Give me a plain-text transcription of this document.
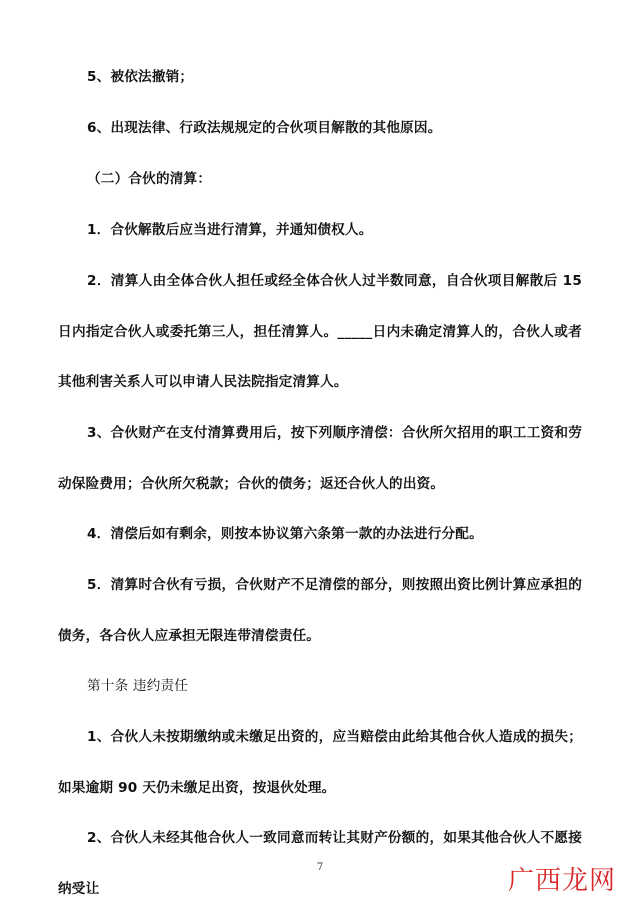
5、被依法撤销；

6、出现法律、行政法规规定的合伙项目解散的其他原因。

（二）合伙的清算：

1．合伙解散后应当进行清算，并通知债权人。

2．清算人由全体合伙人担任或经全体合伙人过半数同意，自合伙项目解散后 15 日内指定合伙人或委托第三人，担任清算人。_____日内未确定清算人的，合伙人或者其他利害关系人可以申请人民法院指定清算人。

3、合伙财产在支付清算费用后，按下列顺序清偿：合伙所欠招用的职工工资和劳动保险费用；合伙所欠税款；合伙的债务；返还合伙人的出资。

4．清偿后如有剩余，则按本协议第六条第一款的办法进行分配。

5．清算时合伙有亏损，合伙财产不足清偿的部分，则按照出资比例计算应承担的债务，各合伙人应承担无限连带清偿责任。

第十条 违约责任

1、合伙人未按期缴纳或未缴足出资的，应当赔偿由此给其他合伙人造成的损失；如果逾期 90 天仍未缴足出资，按退伙处理。

2、合伙人未经其他合伙人一致同意而转让其财产份额的，如果其他合伙人不愿接纳受让

7	广西龙网
